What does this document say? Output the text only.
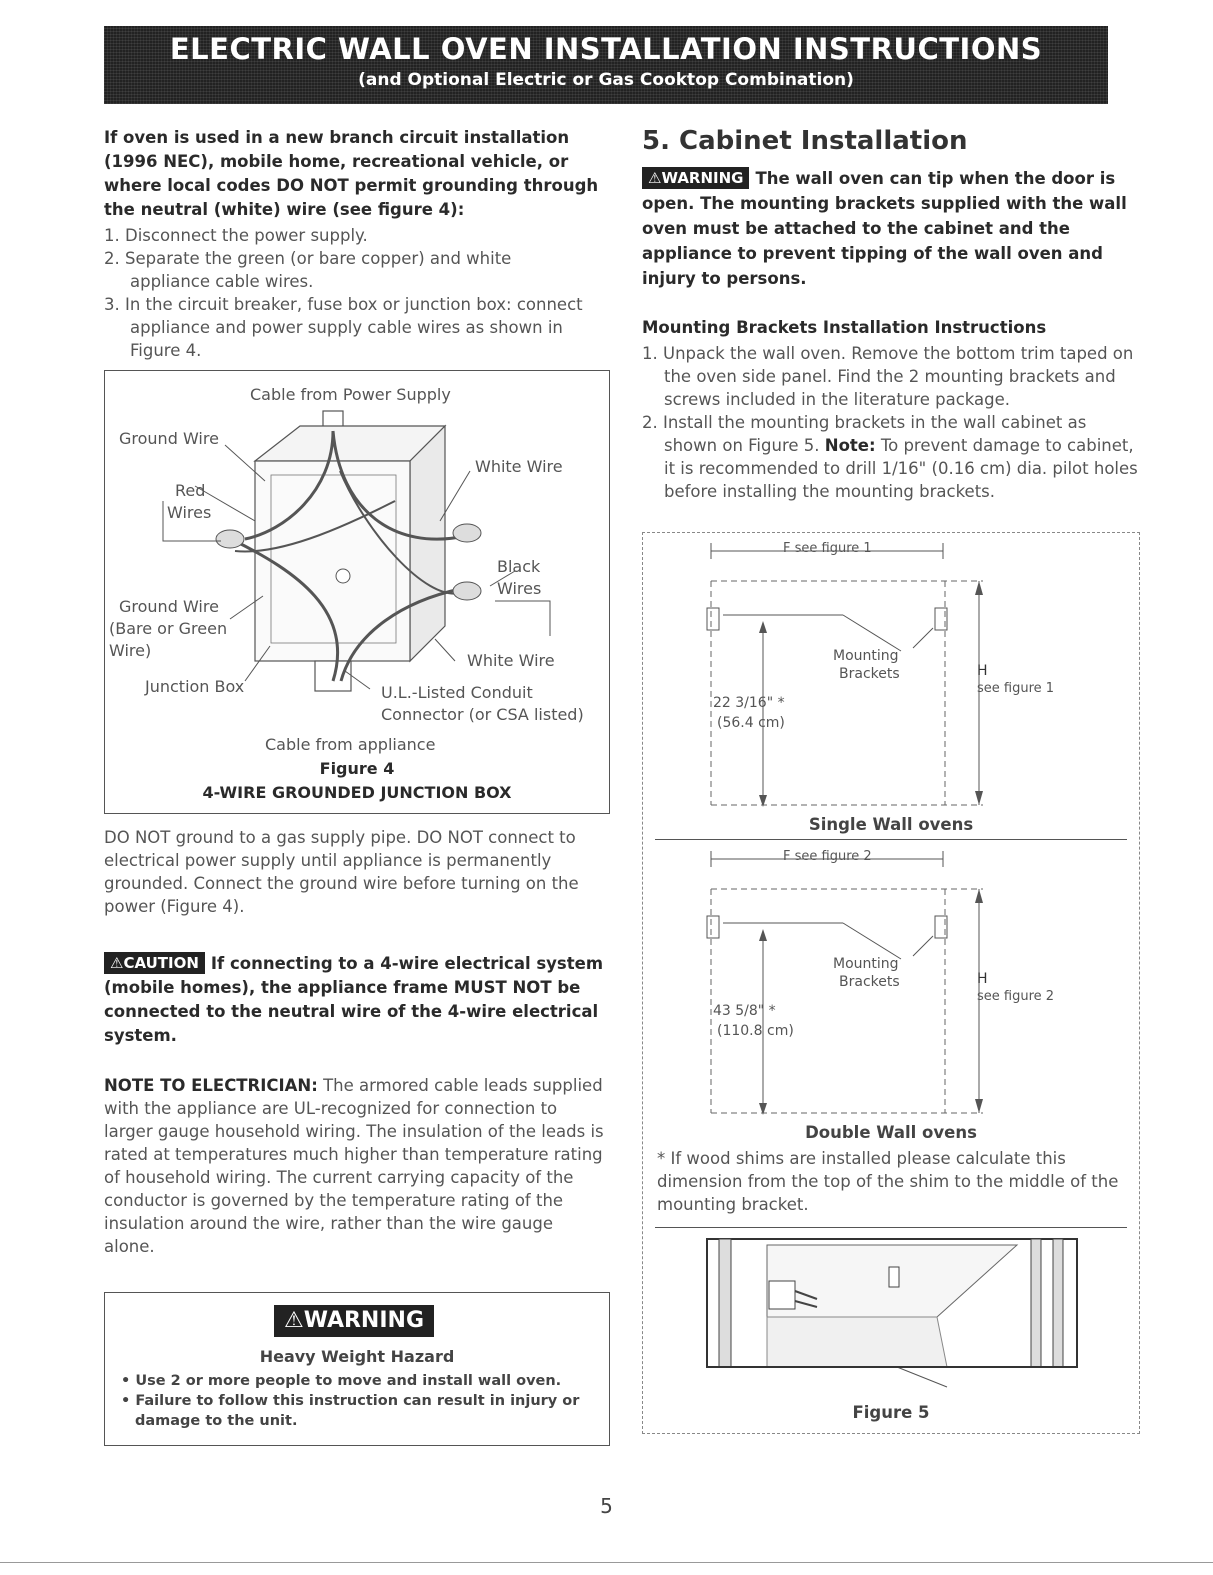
ELECTRIC WALL OVEN INSTALLATION INSTRUCTIONS
(and Optional Electric or Gas Cooktop Combination)
If oven is used in a new branch circuit installation (1996 NEC), mobile home, recreational vehicle, or where local codes DO NOT permit grounding through the neutral (white) wire (see figure 4):
1. Disconnect the power supply.
2. Separate the green (or bare copper) and white appliance cable wires.
3. In the circuit breaker, fuse box or junction box: connect appliance and power supply cable wires as shown in Figure 4.
Cable from Power Supply
Ground Wire
White Wire
Red
Wires
Black
Wires
Ground Wire
(Bare or Green
Wire)
White Wire
Junction Box	U.L.-Listed Conduit
Connector (or CSA listed)
Cable from appliance
Figure 4
4-WIRE GROUNDED JUNCTION BOX
DO NOT ground to a gas supply pipe. DO NOT connect to electrical power supply until appliance is permanently grounded. Connect the ground wire before turning on the power (Figure 4).
⚠CAUTION If connecting to a 4-wire electrical system (mobile homes), the appliance frame MUST NOT be connected to the neutral wire of the 4-wire electrical system.
NOTE TO ELECTRICIAN: The armored cable leads supplied with the appliance are UL-recognized for connection to larger gauge household wiring. The insulation of the leads is rated at temperatures much higher than temperature rating of household wiring. The current carrying capacity of the conductor is governed by the temperature rating of the insulation around the wire, rather than the wire gauge alone.
⚠WARNING
Heavy Weight Hazard
• Use 2 or more people to move and install wall oven.
• Failure to follow this instruction can result in injury or damage to the unit.
5. Cabinet Installation
⚠WARNING The wall oven can tip when the door is open. The mounting brackets supplied with the wall oven must be attached to the cabinet and the appliance to prevent tipping of the wall oven and injury to persons.
Mounting Brackets Installation Instructions
1. Unpack the wall oven. Remove the bottom trim taped on the oven side panel. Find the 2 mounting brackets and screws included in the literature package.
2. Install the mounting brackets in the wall cabinet as shown on Figure 5. Note: To prevent damage to cabinet, it is recommended to drill 1/16" (0.16 cm) dia. pilot holes before installing the mounting brackets.
F see figure 1
Mounting
Brackets	H
see figure 1
22 3/16" *
(56.4 cm)
Single Wall ovens
F see figure 2
Mounting
Brackets	H
see figure 2
43 5/8" *
(110.8 cm)
Double Wall ovens
* If wood shims are installed please calculate this dimension from the top of the shim to the middle of the mounting bracket.
Figure 5
5
